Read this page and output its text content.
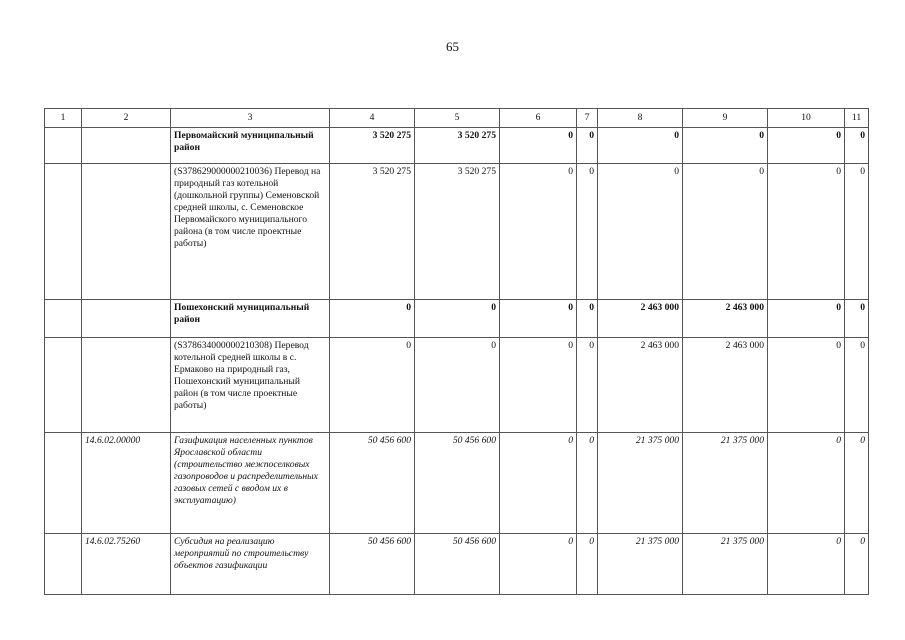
65
1	2	3	4	5	6	7	8	9	10	11
		Первомайский муниципальный район	3 520 275	3 520 275	0	0	0	0	0	0
		(S378629000000210036) Перевод на природный газ котельной (дошкольной группы) Семеновской средней школы, с. Семеновское Первомайского муниципального района (в том числе проектные работы)	3 520 275	3 520 275	0	0	0	0	0	0
		Пошехонский муниципальный район	0	0	0	0	2 463 000	2 463 000	0	0
		(S378634000000210308) Перевод котельной средней школы в с. Ермаково на природный газ, Пошехонский муниципальный район (в том числе проектные работы)	0	0	0	0	2 463 000	2 463 000	0	0
	14.6.02.00000	Газификация населенных пунктов Ярославской области (строительство межпоселковых газопроводов и распределительных газовых сетей с вводом их в эксплуатацию)	50 456 600	50 456 600	0	0	21 375 000	21 375 000	0	0
	14.6.02.75260	Субсидия на реализацию мероприятий по строительству объектов газификации	50 456 600	50 456 600	0	0	21 375 000	21 375 000	0	0
